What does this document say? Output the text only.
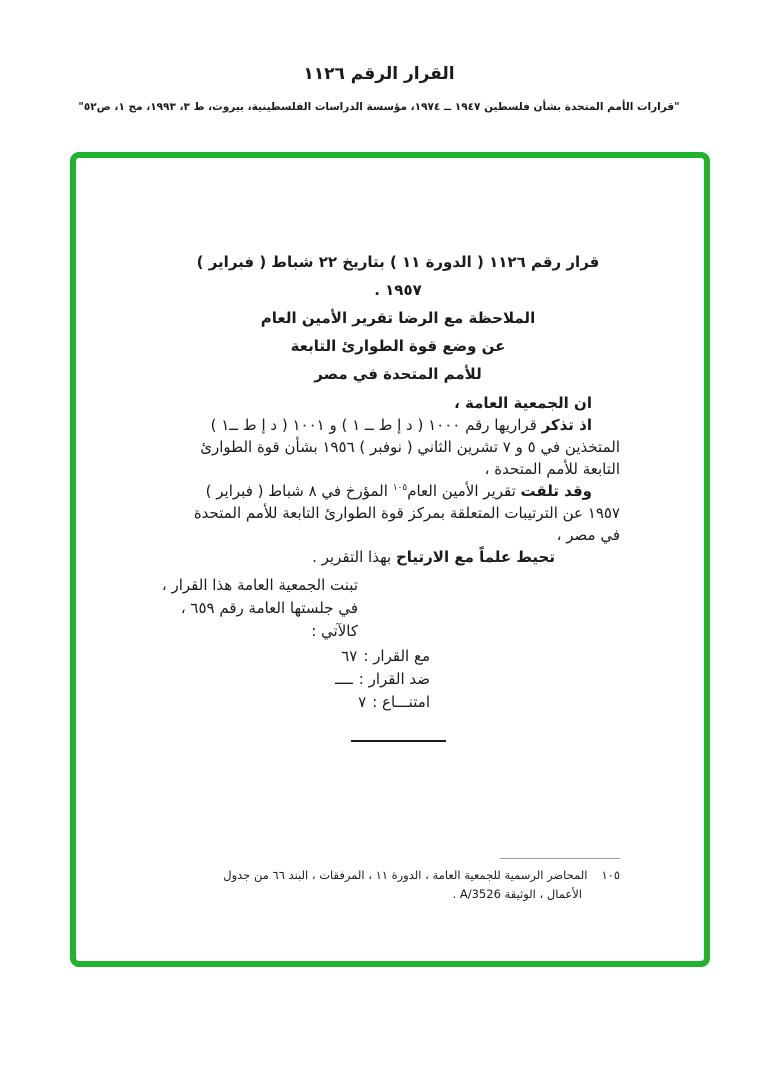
القرار الرقم ١١٢٦
"قرارات الأمم المتحدة بشأن فلسطين ١٩٤٧ ــ ١٩٧٤، مؤسسة الدراسات الفلسطينية، بيروت، ط ٣، ١٩٩٣، مج ١، ص٥٢"
قرار رقم ١١٢٦ ( الدورة ١١ ) بتاريخ ٢٢ شباط ( فبراير ) ١٩٥٧ .
الملاحظة مع الرضا تقرير الأمين العام
عن وضع قوة الطوارئ التابعة
للأمم المتحدة في مصر

ان الجمعية العامة ،

اذ تذكر قراريها رقم ١٠٠٠ ( د إ ط ــ ١ ) و ١٠٠١ ( د إ ط ــ١ )

المتخذين في ٥ و ٧ تشرين الثاني ( نوفبر ) ١٩٥٦ بشأن قوة الطوارئ

التابعة للأمم المتحدة ،

وقد تلقت تقرير الأمين العام$^{١٠٥}$ المؤرخ في ٨ شباط ( فبراير )

١٩٥٧ عن الترتيبات المتعلقة بمركز قوة الطوارئ التابعة للأمم المتحدة

في مصر ،

تحيط علماً مع الارتياح بهذا التقرير .

تبنت الجمعية العامة هذا القرار ،

في جلستها العامة رقم ٦٥٩ ،

كالآتي :

مع القرار :٦٧

ضد القرار :ــــ

امتنـــاع :٧

١٠٥
المحاضر الرسمية للجمعية العامة ، الدورة ١١ ، المرفقات ، البند ٦٦ من جدول
الأعمال ، الوثيقة A/3526 .
